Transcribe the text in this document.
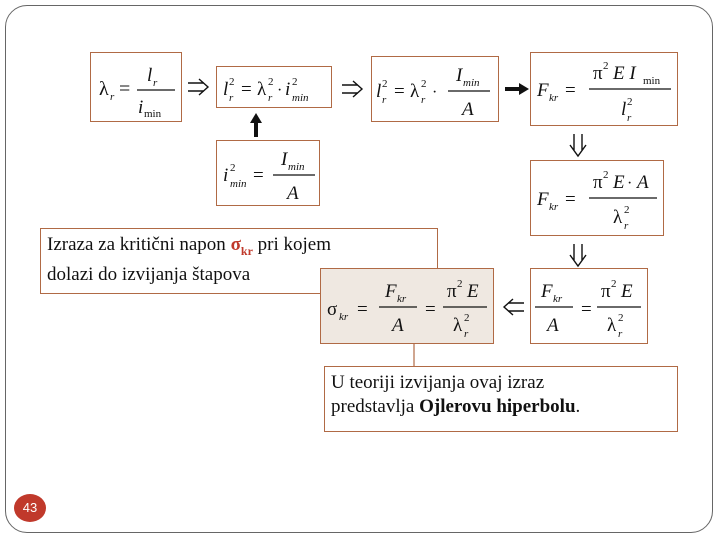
λ r =
l r
i min
l 2
r = λ 2
r · i 2
min	l 2
r = λ 2
r ·
I min
A
F kr =
π 2 E I min
l 2
r
i 2
min =
I min
A	F kr =
π 2 E · A
λ 2
r
Izraza za kritični napon $\sigma_{kr}$ pri kojem
dolazi do izvijanja štapova
σ kr =
F kr
A
=
π 2 E
λ 2
r
F kr
A
=
π 2 E
λ 2
r
U teoriji izvijanja ovaj izraz
predstavlja Ojlerovu hiperbolu.
43
